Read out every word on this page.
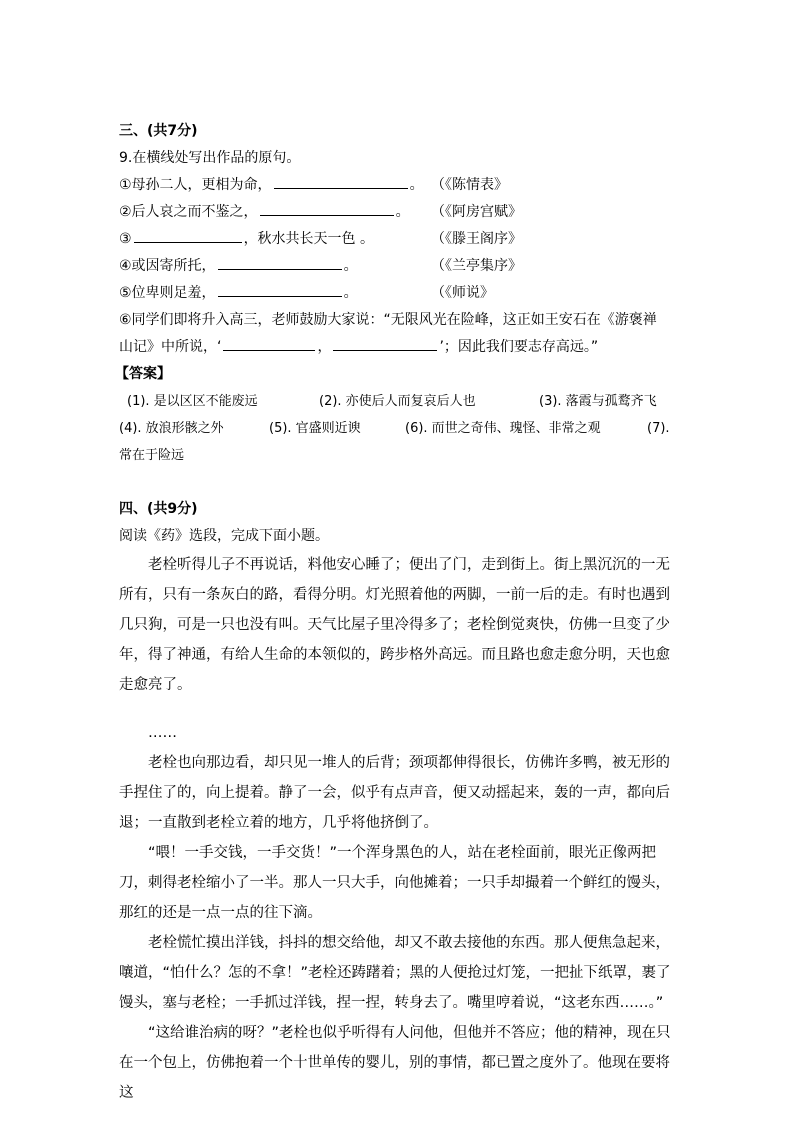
三、(共7分)
9.在横线处写出作品的原句。
①母孙二人，更相为命，	。 （《陈情表》
②后人哀之而不鉴之，	。 （《阿房宫赋》
③	，秋水共长天一色 。	（《滕王阁序》
④或因寄所托，	。	（《兰亭集序》
⑤位卑则足羞，	。	（《师说》
⑥同学们即将升入高三，老师鼓励大家说：“无限风光在险峰，这正如王安石在《游褒禅
山记》中所说，‘	，	’；因此我们要志存高远。”
【答案】
(1). 是以区区不能废远	(2). 亦使后人而复哀后人也	(3). 落霞与孤鹜齐飞
(4). 放浪形骸之外	(5). 官盛则近谀	(6). 而世之奇伟、瑰怪、非常之观	(7).
常在于险远
四、(共9分)
阅读《药》选段，完成下面小题。
老栓听得儿子不再说话，料他安心睡了；便出了门，走到街上。街上黑沉沉的一无所有，只有一条灰白的路，看得分明。灯光照着他的两脚，一前一后的走。有时也遇到几只狗，可是一只也没有叫。天气比屋子里冷得多了；老栓倒觉爽快，仿佛一旦变了少年，得了神通，有给人生命的本领似的，跨步格外高远。而且路也愈走愈分明，天也愈走愈亮了。
……
老栓也向那边看，却只见一堆人的后背；颈项都伸得很长，仿佛许多鸭，被无形的手捏住了的，向上提着。静了一会，似乎有点声音，便又动摇起来，轰的一声，都向后退；一直散到老栓立着的地方，几乎将他挤倒了。
“喂！一手交钱，一手交货！”一个浑身黑色的人，站在老栓面前，眼光正像两把刀，刺得老栓缩小了一半。那人一只大手，向他摊着；一只手却撮着一个鲜红的馒头，那红的还是一点一点的往下滴。
老栓慌忙摸出洋钱，抖抖的想交给他，却又不敢去接他的东西。那人便焦急起来，嚷道，“怕什么？怎的不拿！”老栓还踌躇着；黑的人便抢过灯笼，一把扯下纸罩，裹了馒头，塞与老栓；一手抓过洋钱，捏一捏，转身去了。嘴里哼着说，“这老东西……。”
“这给谁治病的呀？”老栓也似乎听得有人问他，但他并不答应；他的精神，现在只在一个包上，仿佛抱着一个十世单传的婴儿，别的事情，都已置之度外了。他现在要将这
